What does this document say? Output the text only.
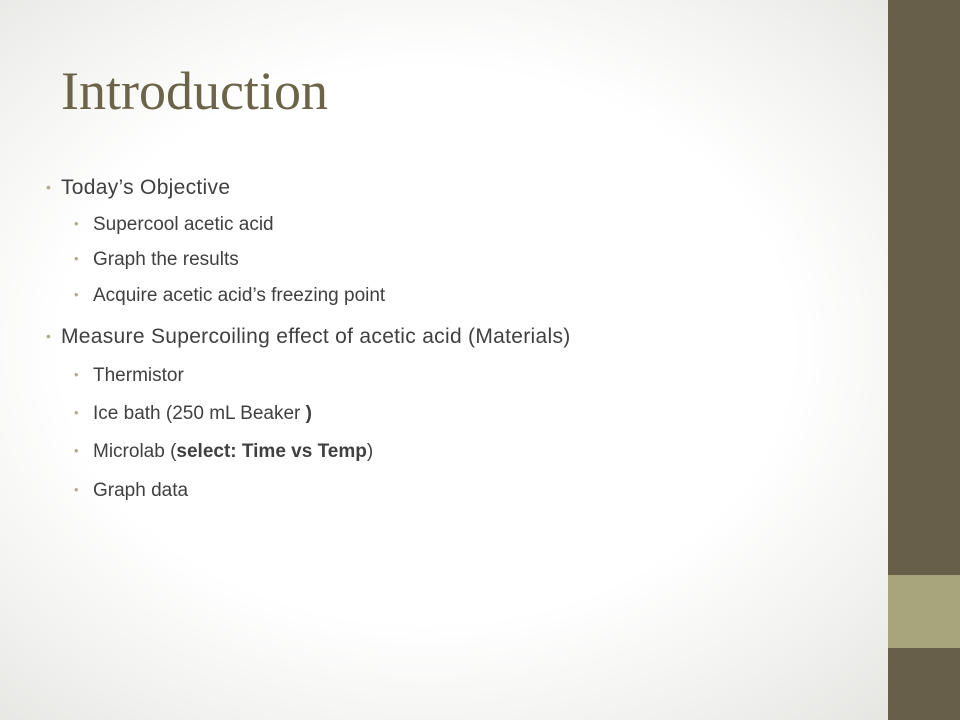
Introduction
• Today’s Objective
• Supercool acetic acid
• Graph the results
• Acquire acetic acid’s freezing point
• Measure Supercoiling effect of acetic acid (Materials)
• Thermistor
• Ice bath (250 mL Beaker )
• Microlab (select: Time vs Temp)
• Graph data
